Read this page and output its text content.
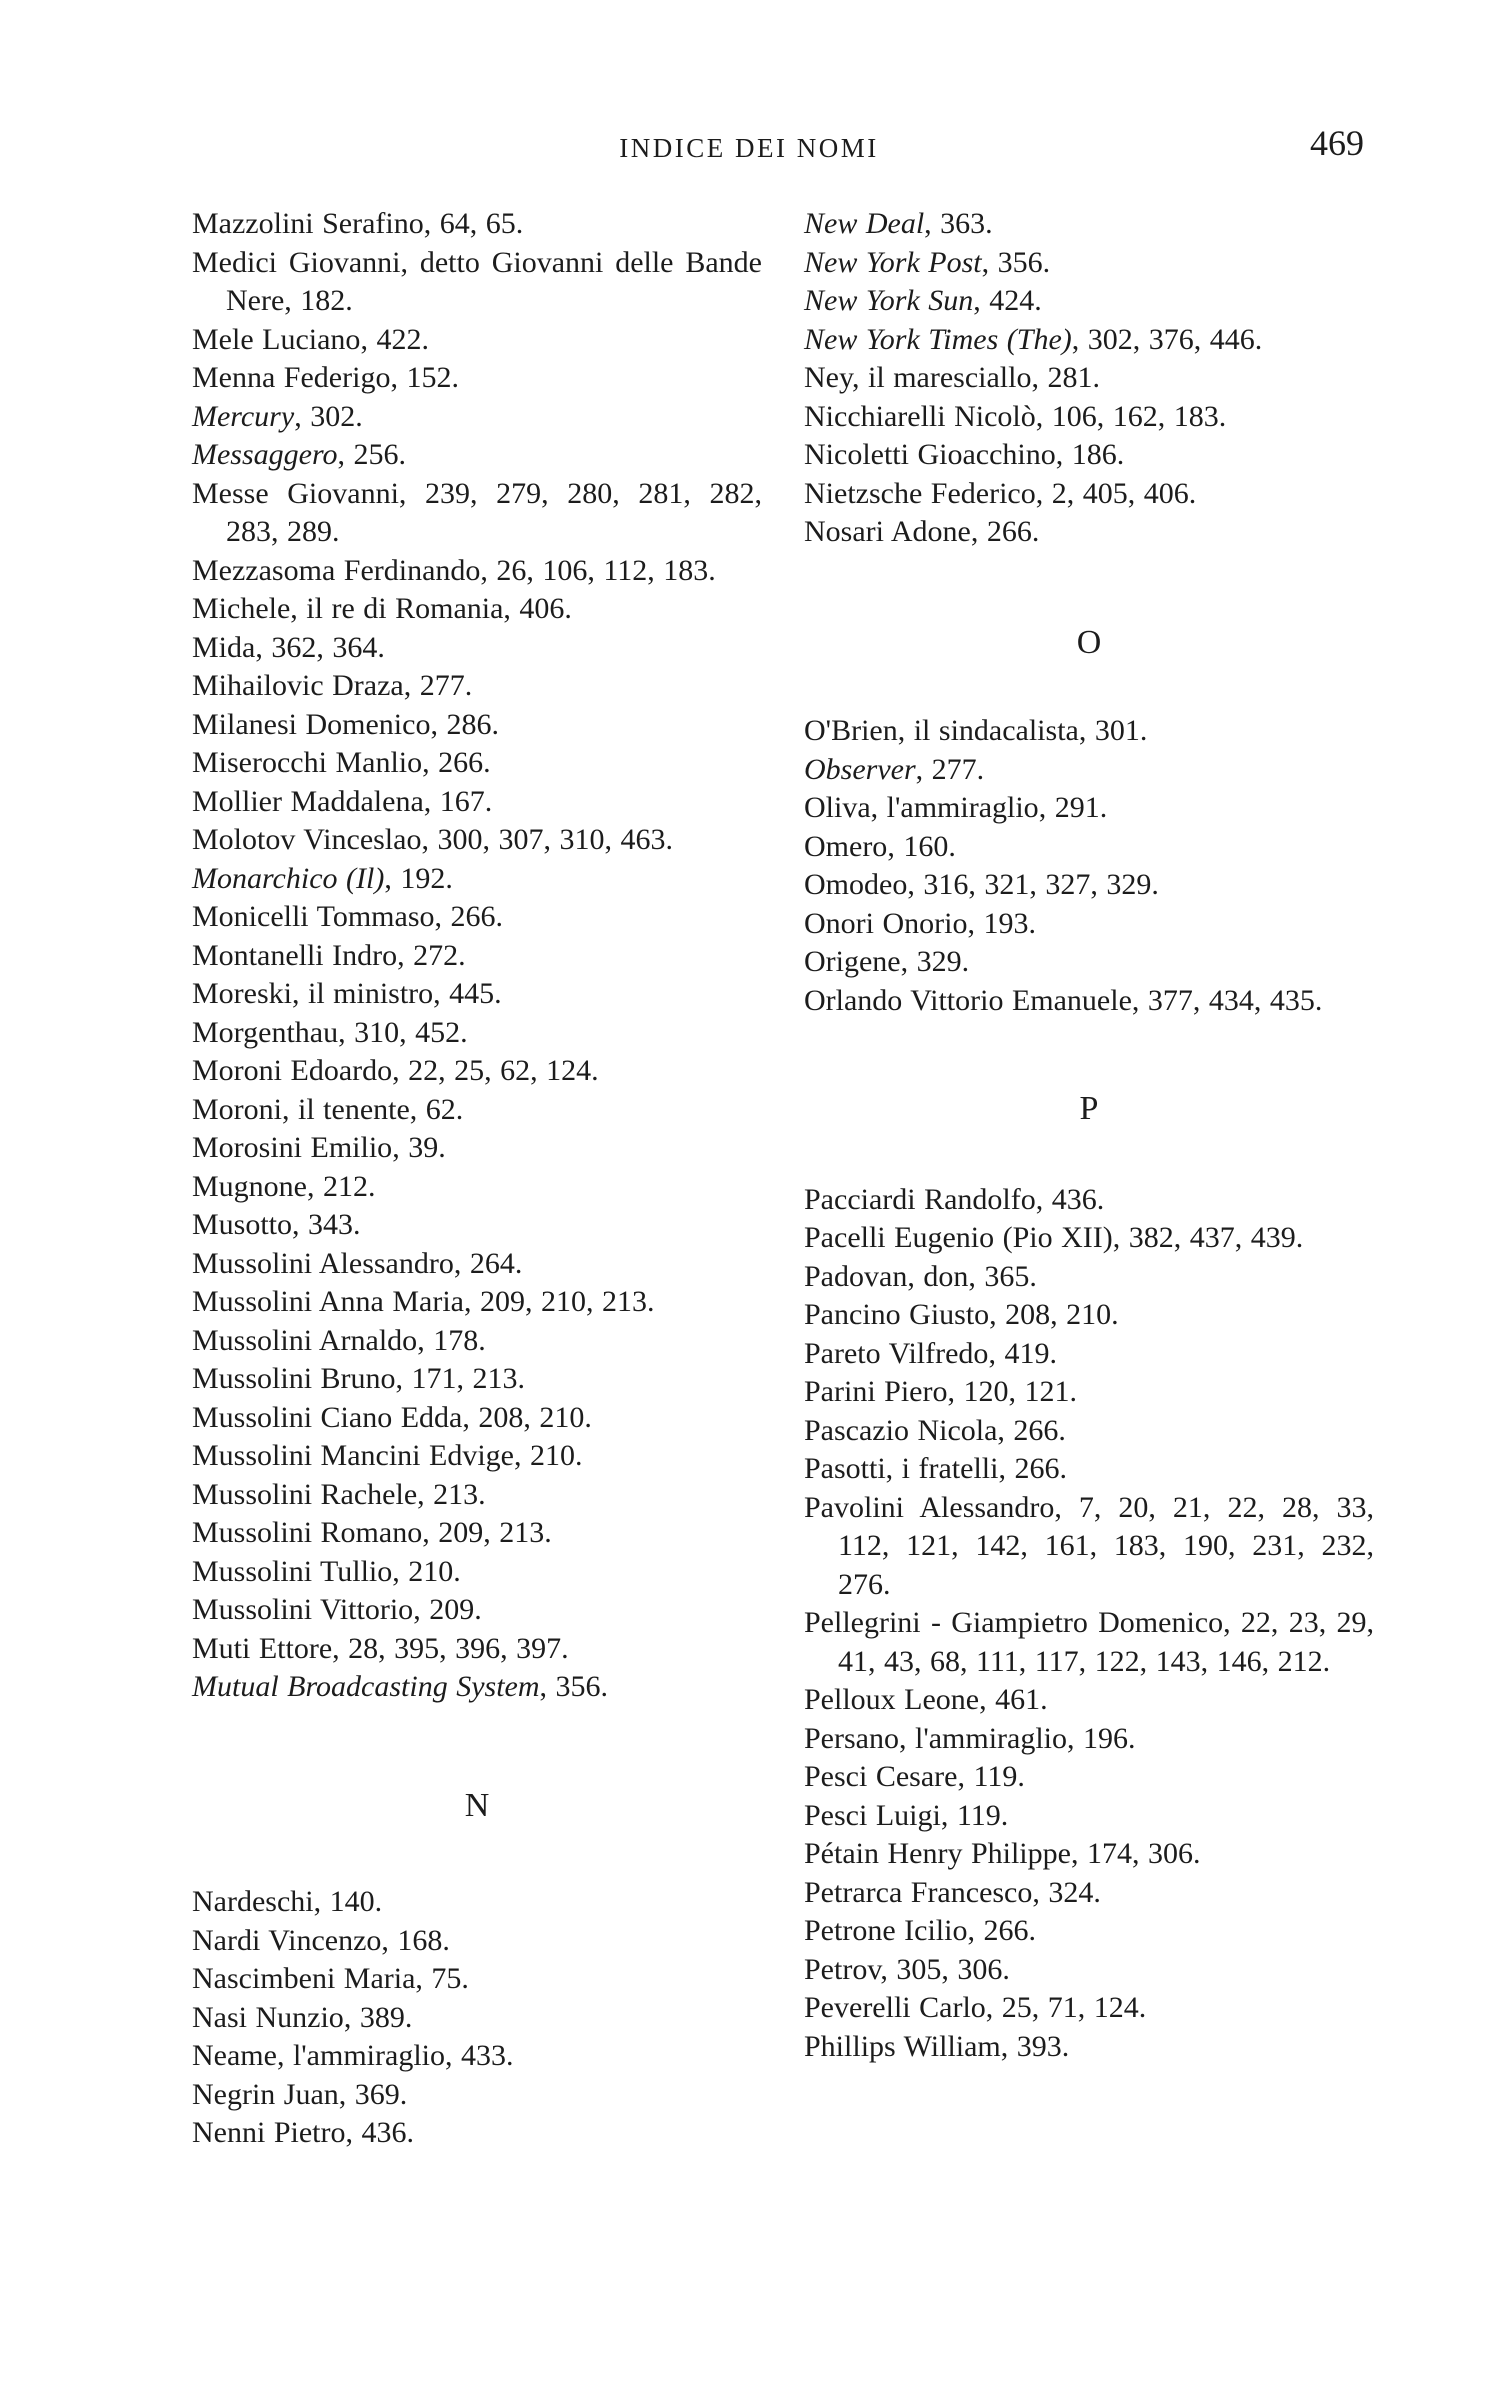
INDICE DEI NOMI	469
Mazzolini Serafino, 64, 65.
Medici Giovanni, detto Giovanni delle Bande Nere, 182.
Mele Luciano, 422.
Menna Federigo, 152.
Mercury, 302.
Messaggero, 256.
Messe Giovanni, 239, 279, 280, 281, 282, 283, 289.
Mezzasoma Ferdinando, 26, 106, 112, 183.
Michele, il re di Romania, 406.
Mida, 362, 364.
Mihailovic Draza, 277.
Milanesi Domenico, 286.
Miserocchi Manlio, 266.
Mollier Maddalena, 167.
Molotov Vinceslao, 300, 307, 310, 463.
Monarchico (Il), 192.
Monicelli Tommaso, 266.
Montanelli Indro, 272.
Moreski, il ministro, 445.
Morgenthau, 310, 452.
Moroni Edoardo, 22, 25, 62, 124.
Moroni, il tenente, 62.
Morosini Emilio, 39.
Mugnone, 212.
Musotto, 343.
Mussolini Alessandro, 264.
Mussolini Anna Maria, 209, 210, 213.
Mussolini Arnaldo, 178.
Mussolini Bruno, 171, 213.
Mussolini Ciano Edda, 208, 210.
Mussolini Mancini Edvige, 210.
Mussolini Rachele, 213.
Mussolini Romano, 209, 213.
Mussolini Tullio, 210.
Mussolini Vittorio, 209.
Muti Ettore, 28, 395, 396, 397.
Mutual Broadcasting System, 356.
N
Nardeschi, 140.
Nardi Vincenzo, 168.
Nascimbeni Maria, 75.
Nasi Nunzio, 389.
Neame, l'ammiraglio, 433.
Negrin Juan, 369.
Nenni Pietro, 436.
New Deal, 363.
New York Post, 356.
New York Sun, 424.
New York Times (The), 302, 376, 446.
Ney, il maresciallo, 281.
Nicchiarelli Nicolò, 106, 162, 183.
Nicoletti Gioacchino, 186.
Nietzsche Federico, 2, 405, 406.
Nosari Adone, 266.
O
O'Brien, il sindacalista, 301.
Observer, 277.
Oliva, l'ammiraglio, 291.
Omero, 160.
Omodeo, 316, 321, 327, 329.
Onori Onorio, 193.
Origene, 329.
Orlando Vittorio Emanuele, 377, 434, 435.
P
Pacciardi Randolfo, 436.
Pacelli Eugenio (Pio XII), 382, 437, 439.
Padovan, don, 365.
Pancino Giusto, 208, 210.
Pareto Vilfredo, 419.
Parini Piero, 120, 121.
Pascazio Nicola, 266.
Pasotti, i fratelli, 266.
Pavolini Alessandro, 7, 20, 21, 22, 28, 33, 112, 121, 142, 161, 183, 190, 231, 232, 276.
Pellegrini - Giampietro Domenico, 22, 23, 29, 41, 43, 68, 111, 117, 122, 143, 146, 212.
Pelloux Leone, 461.
Persano, l'ammiraglio, 196.
Pesci Cesare, 119.
Pesci Luigi, 119.
Pétain Henry Philippe, 174, 306.
Petrarca Francesco, 324.
Petrone Icilio, 266.
Petrov, 305, 306.
Peverelli Carlo, 25, 71, 124.
Phillips William, 393.
